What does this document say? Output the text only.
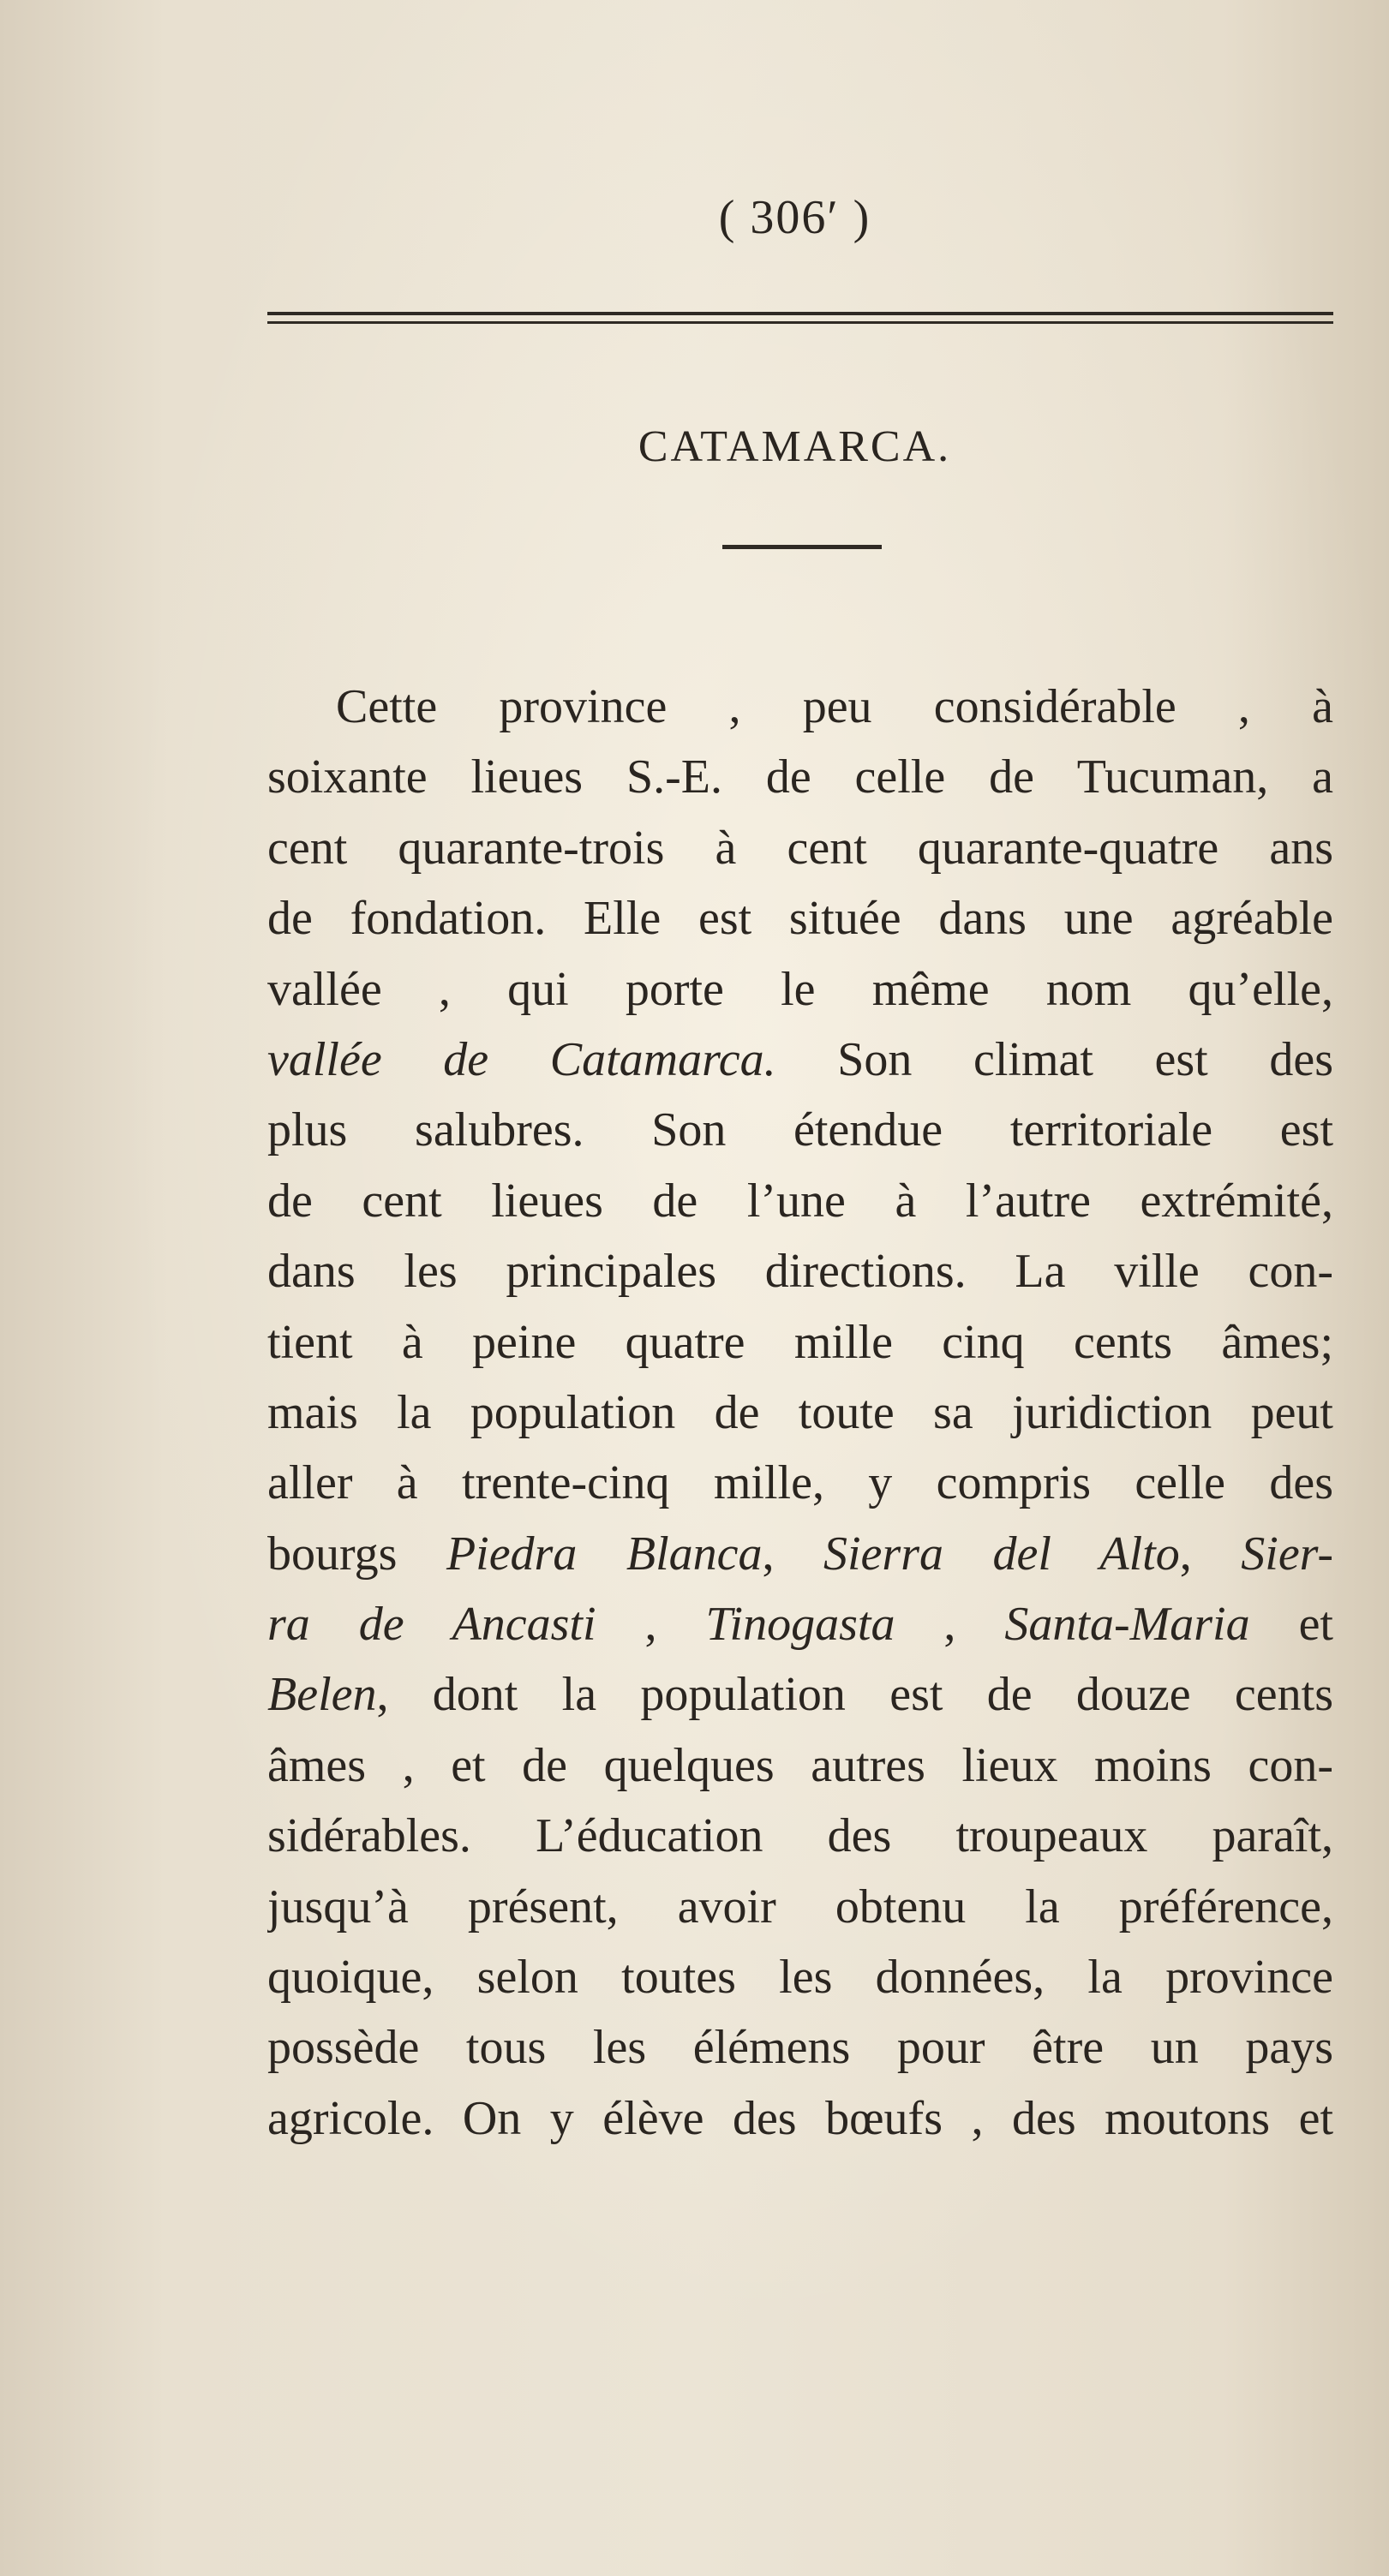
( 306′ )

CATAMARCA.
Cette province , peu considérable , à
soixante lieues S.-E. de celle de Tucuman, a
cent quarante-trois à cent quarante-quatre ans
de fondation. Elle est située dans une agréable
vallée , qui porte le même nom qu’elle,
vallée de Catamarca. Son climat est des
plus salubres. Son étendue territoriale est
de cent lieues de l’une à l’autre extrémité,
dans les principales directions. La ville con-
tient à peine quatre mille cinq cents âmes;
mais la population de toute sa juridiction peut
aller à trente-cinq mille, y compris celle des
bourgs Piedra Blanca, Sierra del Alto, Sier-
ra de Ancasti , Tinogasta , Santa-Maria et
Belen, dont la population est de douze cents
âmes , et de quelques autres lieux moins con-
sidérables. L’éducation des troupeaux paraît,
jusqu’à présent, avoir obtenu la préférence,
quoique, selon toutes les données, la province
possède tous les élémens pour être un pays
agricole. On y élève des bœufs , des moutons et
